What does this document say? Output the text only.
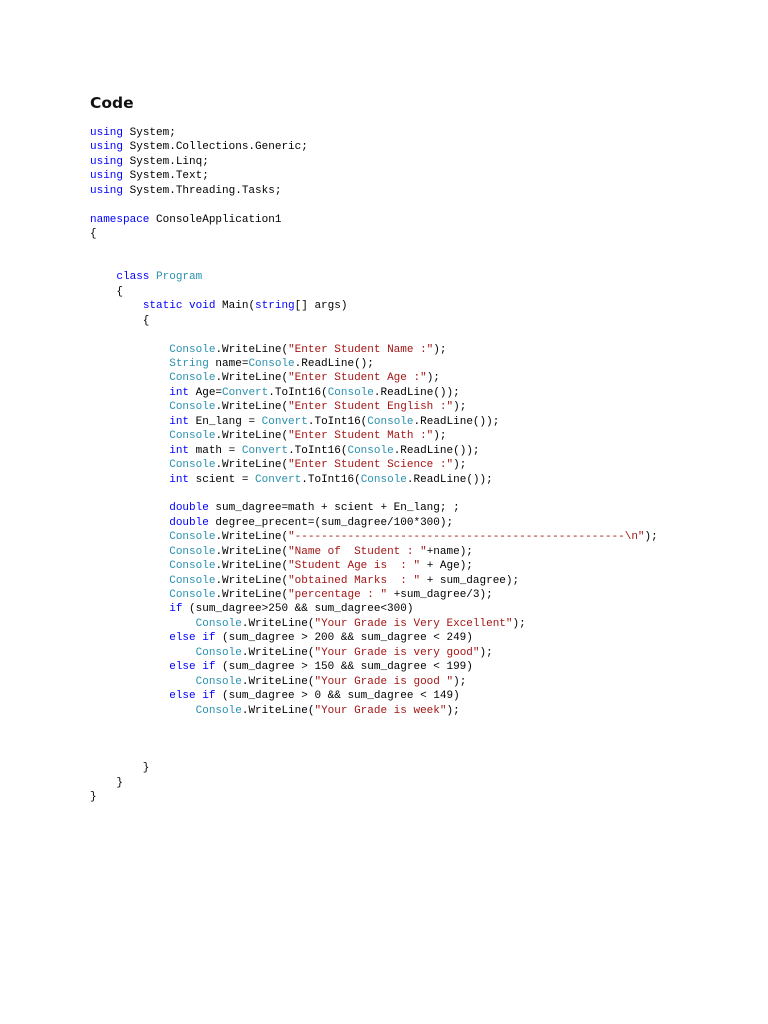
Code
using System;
using System.Collections.Generic;
using System.Linq;
using System.Text;
using System.Threading.Tasks;
namespace ConsoleApplication1
{
class Program
{
static void Main(string[] args)
{
Console.WriteLine("Enter Student Name :");
String name=Console.ReadLine();
Console.WriteLine("Enter Student Age :");
int Age=Convert.ToInt16(Console.ReadLine());
Console.WriteLine("Enter Student English :");
int En_lang = Convert.ToInt16(Console.ReadLine());
Console.WriteLine("Enter Student Math :");
int math = Convert.ToInt16(Console.ReadLine());
Console.WriteLine("Enter Student Science :");
int scient = Convert.ToInt16(Console.ReadLine());
double sum_dagree=math + scient + En_lang; ;
double degree_precent=(sum_dagree/100*300);
Console.WriteLine("--------------------------------------------------\n");
Console.WriteLine("Name of  Student : "+name);
Console.WriteLine("Student Age is  : " + Age);
Console.WriteLine("obtained Marks  : " + sum_dagree);
Console.WriteLine("percentage : " +sum_dagree/3);
if (sum_dagree>250 && sum_dagree<300)
Console.WriteLine("Your Grade is Very Excellent");
else if (sum_dagree > 200 && sum_dagree < 249)
Console.WriteLine("Your Grade is very good");
else if (sum_dagree > 150 && sum_dagree < 199)
Console.WriteLine("Your Grade is good ");
else if (sum_dagree > 0 && sum_dagree < 149)
Console.WriteLine("Your Grade is week");
}
}
}
